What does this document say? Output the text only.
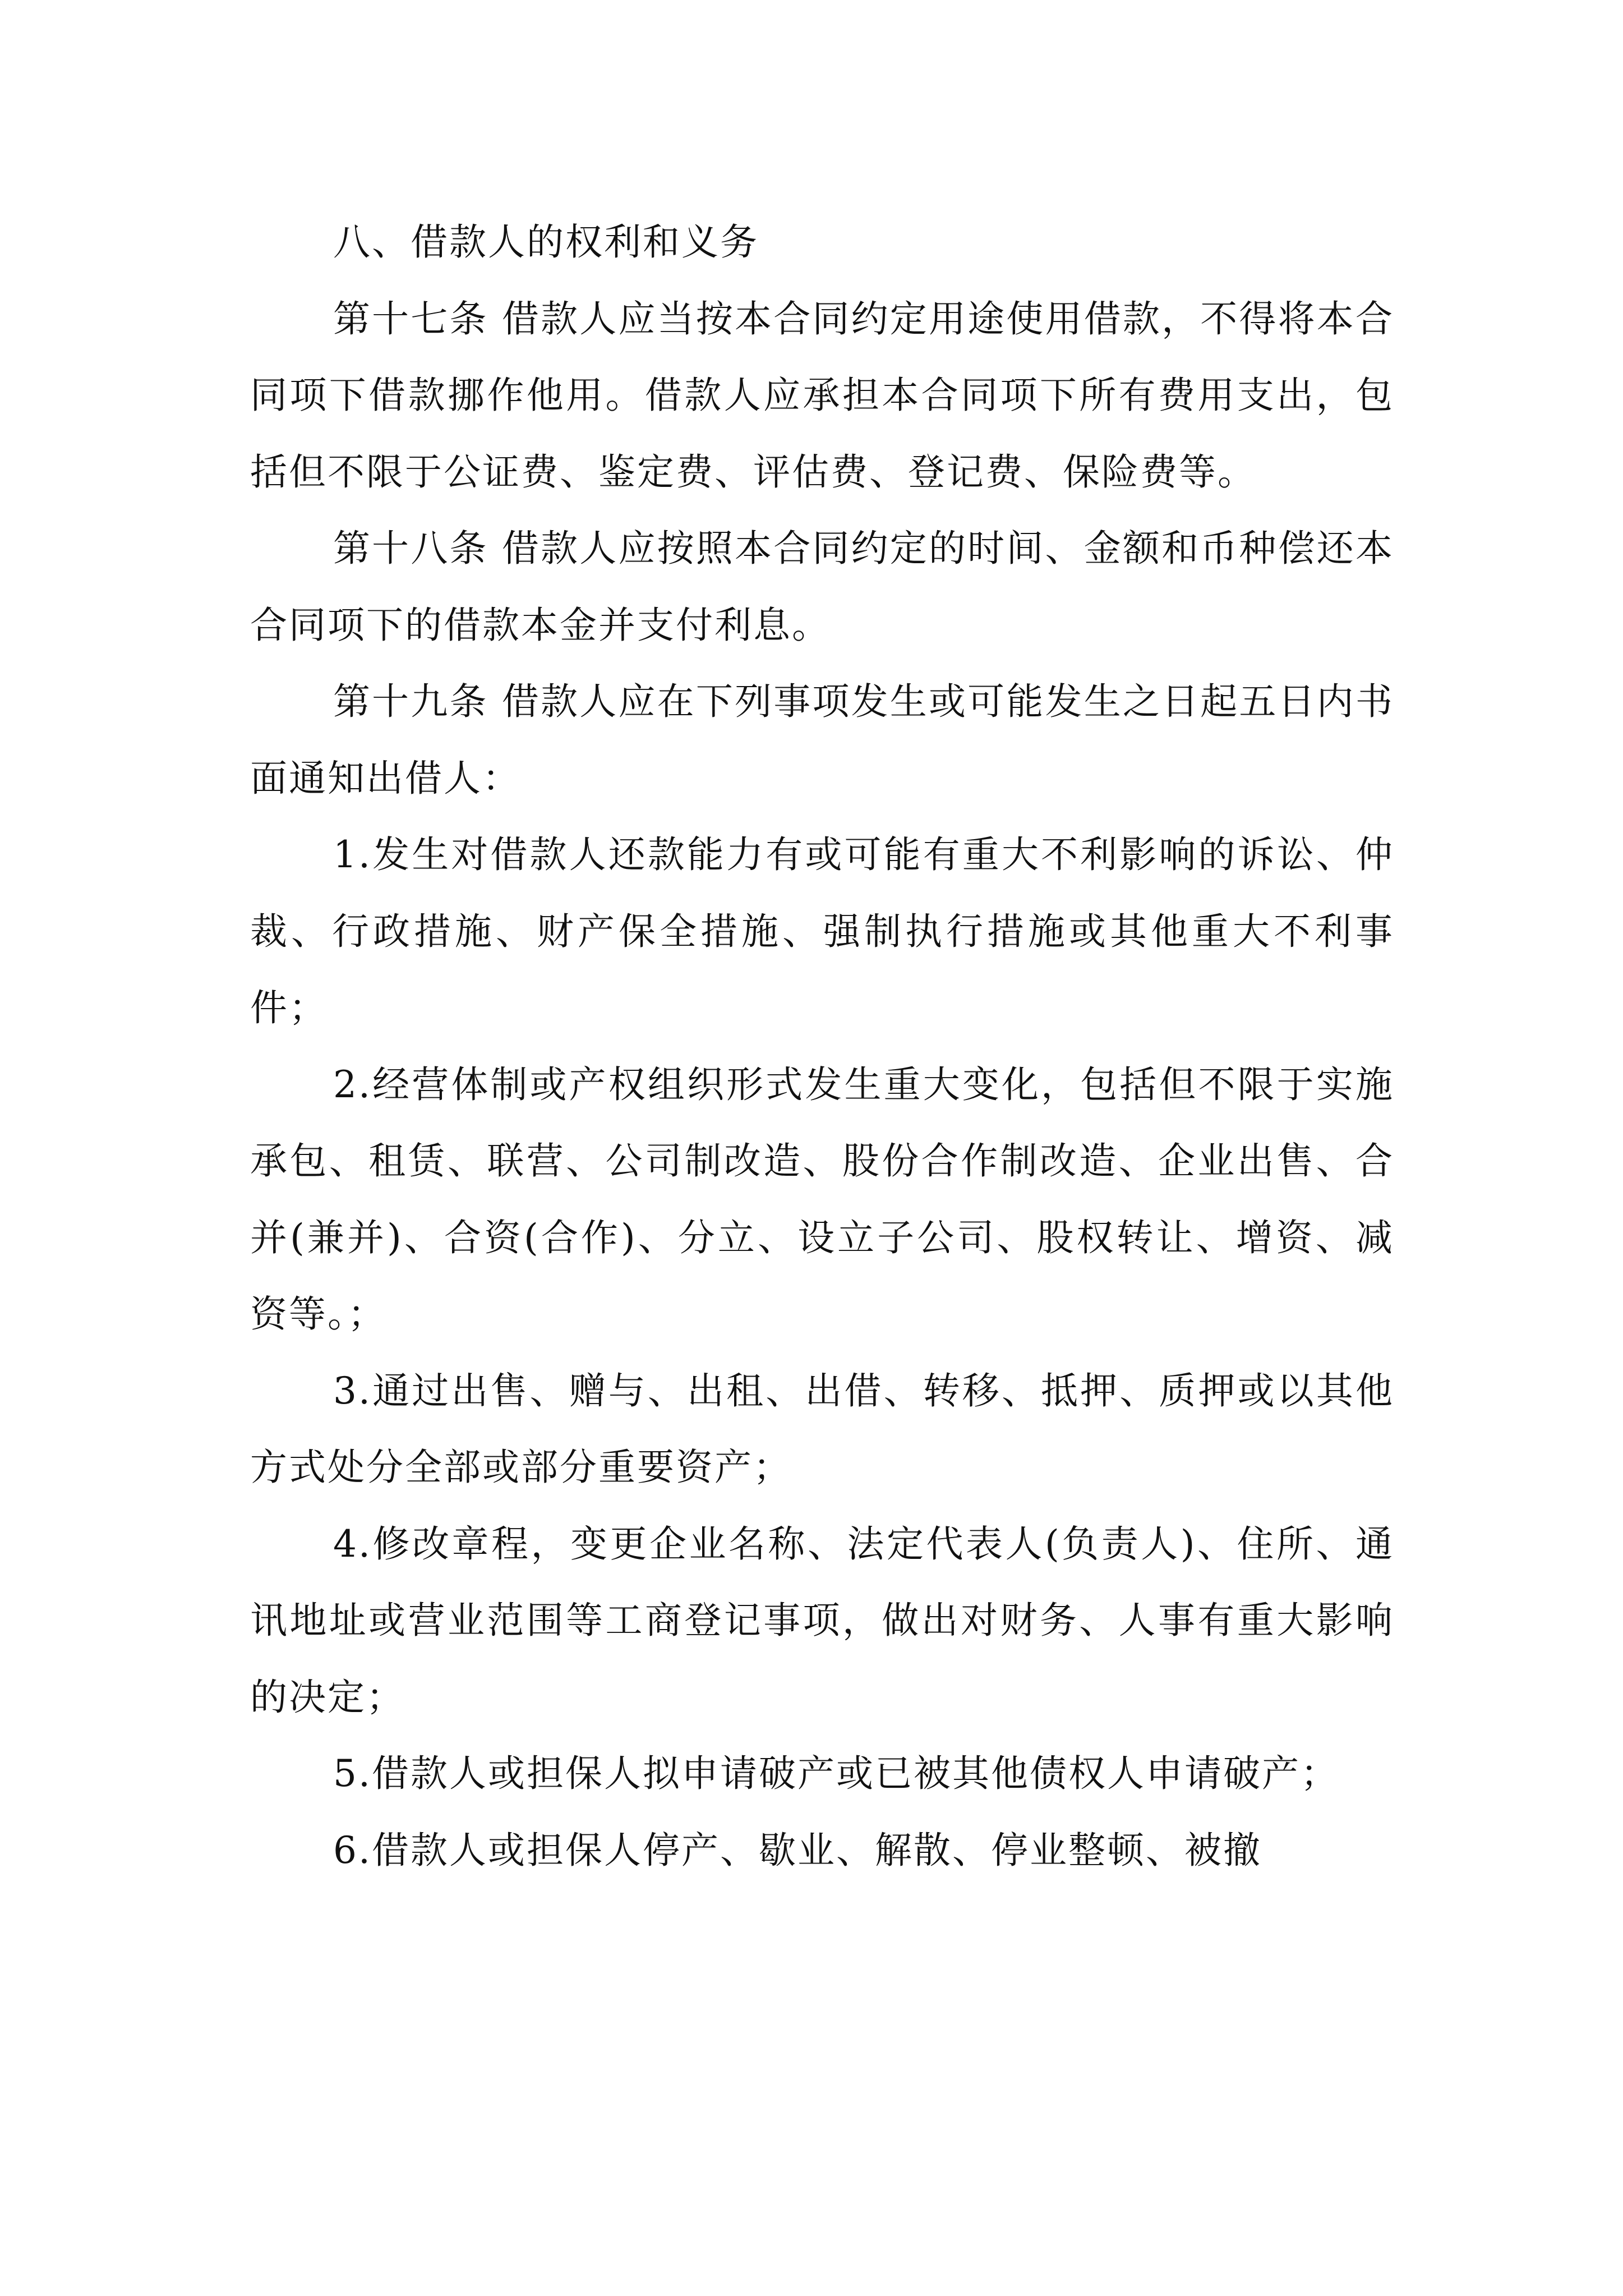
八、借款人的权利和义务

第十七条 借款人应当按本合同约定用途使用借款，不得将本合同项下借款挪作他用。借款人应承担本合同项下所有费用支出，包括但不限于公证费、鉴定费、评估费、登记费、保险费等。

第十八条 借款人应按照本合同约定的时间、金额和币种偿还本合同项下的借款本金并支付利息。

第十九条 借款人应在下列事项发生或可能发生之日起五日内书面通知出借人：

1.发生对借款人还款能力有或可能有重大不利影响的诉讼、仲裁、行政措施、财产保全措施、强制执行措施或其他重大不利事件；

2.经营体制或产权组织形式发生重大变化，包括但不限于实施承包、租赁、联营、公司制改造、股份合作制改造、企业出售、合并(兼并)、合资(合作)、分立、设立子公司、股权转让、增资、减资等。；

3.通过出售、赠与、出租、出借、转移、抵押、质押或以其他方式处分全部或部分重要资产；

4.修改章程，变更企业名称、法定代表人(负责人)、住所、通讯地址或营业范围等工商登记事项，做出对财务、人事有重大影响的决定；

5.借款人或担保人拟申请破产或已被其他债权人申请破产；

6.借款人或担保人停产、歇业、解散、停业整顿、被撤
